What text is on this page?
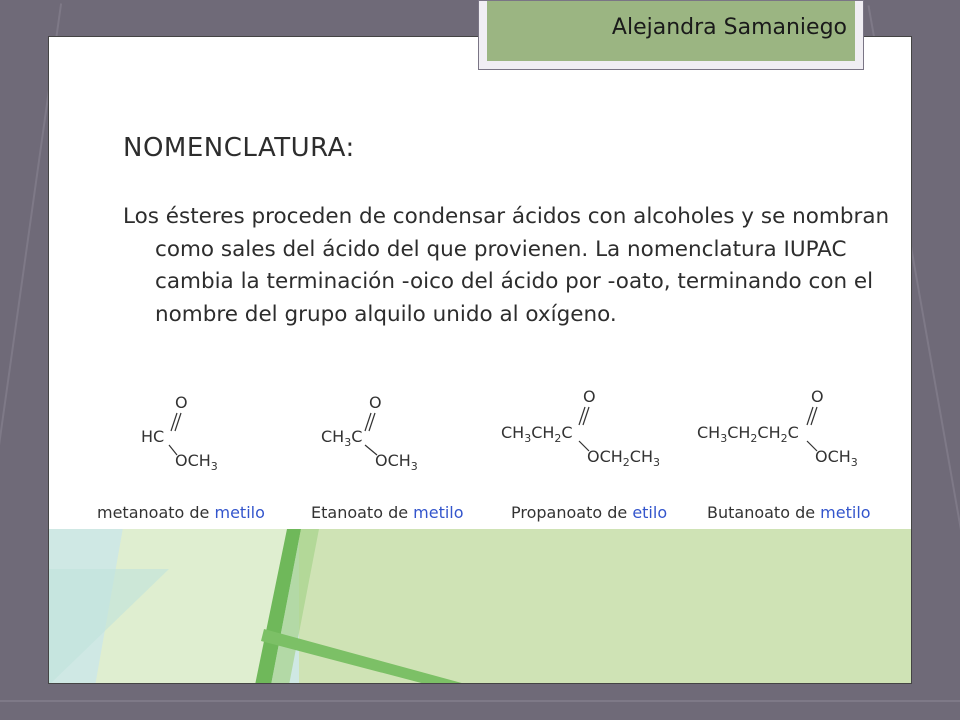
NOMENCLATURA:

Los ésteres proceden de condensar ácidos con alcoholes y se nombran como sales del ácido del que provienen. La nomenclatura IUPAC cambia la terminación -oico del ácido por -oato, terminando con el nombre del grupo alquilo unido al oxígeno.

O
HC
$OCH_3$
metanoato de metilo
O
$CH_3C$
$OCH_3$
Etanoato de metilo
O
$CH_3CH_2C$
$OCH_2CH_3$
Propanoato de etilo
O
$CH_3CH_2CH_2C$
$OCH_3$
Butanoato de metilo
Alejandra Samaniego
